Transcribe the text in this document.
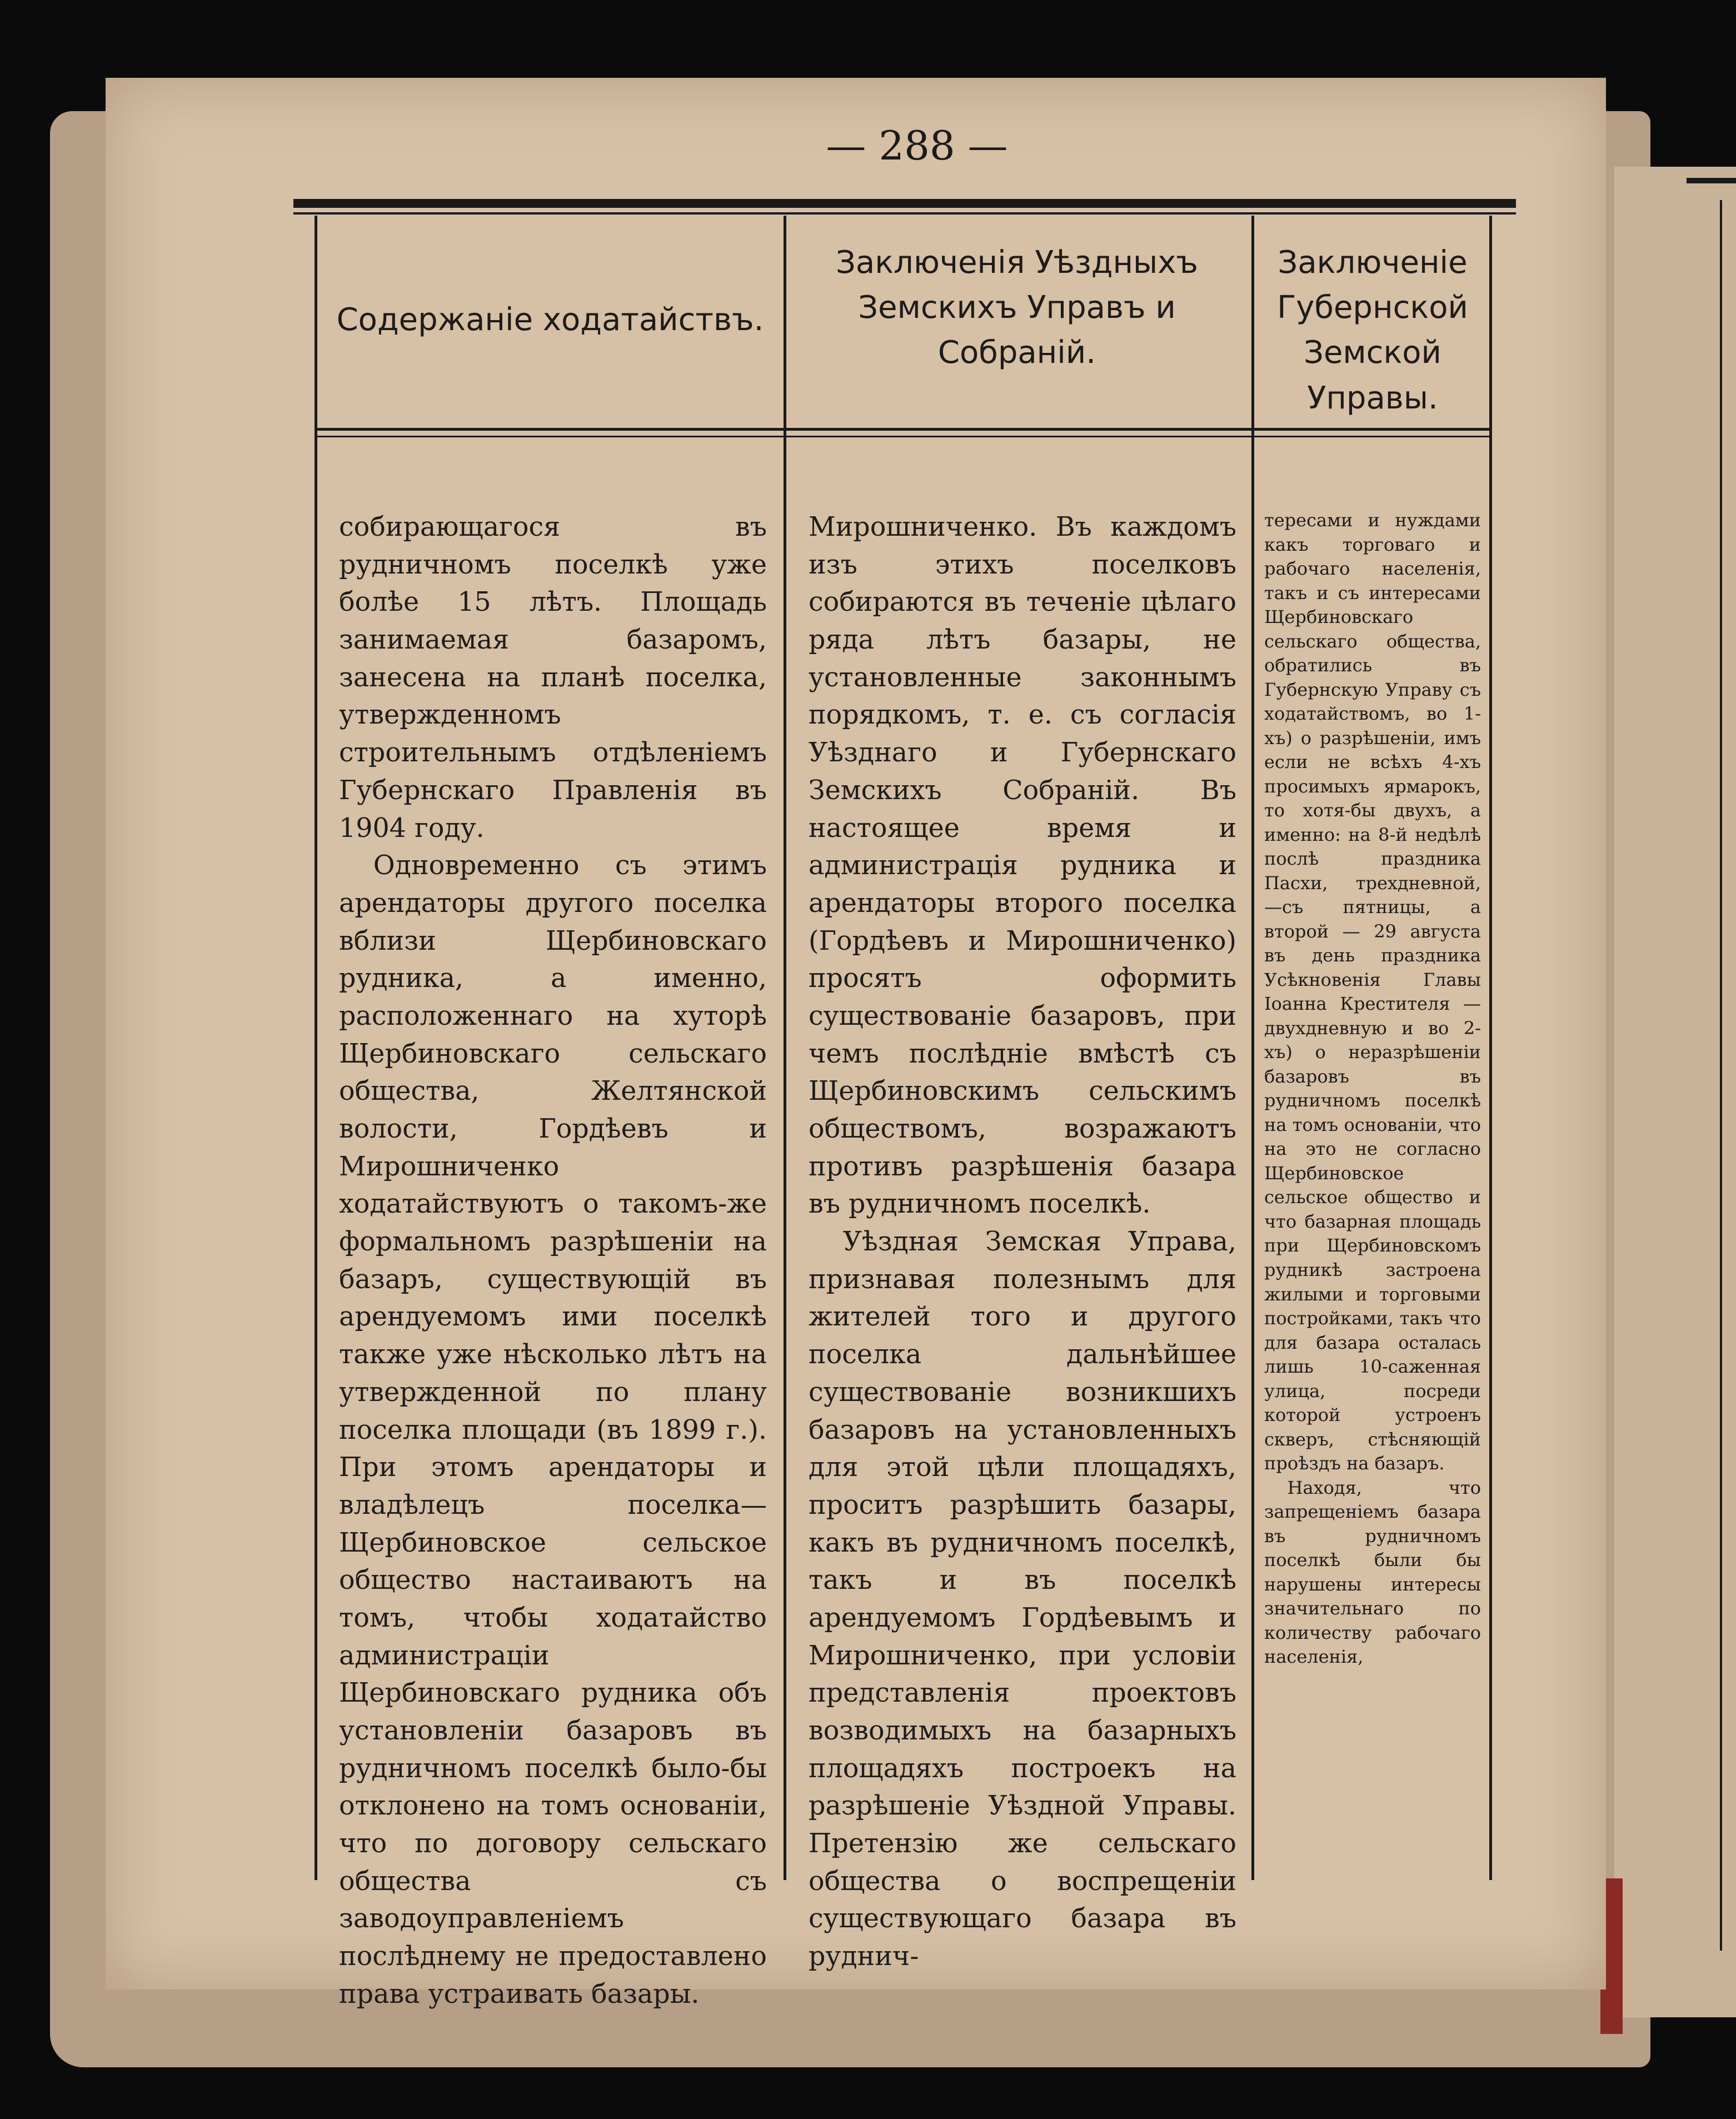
— 288 —
Содержаніе ходатайствъ.
Заключенія Уѣздныхъ Земскихъ Управъ и Собраній.
Заключеніе Губернской Земской Управы.

собирающагося въ рудничномъ поселкѣ уже болѣе 15 лѣтъ. Площадь занимаемая базаромъ, занесена на планѣ поселка, утвержденномъ строительнымъ отдѣленіемъ Губернскаго Правленія въ 1904 году.

Одновременно съ этимъ арендаторы другого поселка вблизи Щербиновскаго рудника, а именно, расположеннаго на хуторѣ Щербиновскаго сельскаго общества, Желтянской волости, Гордѣевъ и Мирошниченко ходатайствуютъ о такомъ-же формальномъ разрѣшеніи на базаръ, существующій въ арендуемомъ ими поселкѣ также уже нѣсколько лѣтъ на утвержденной по плану поселка площади (въ 1899 г.). При этомъ арендаторы и владѣлецъ поселка—Щербиновское сельское общество настаиваютъ на томъ, чтобы ходатайство администраціи Щербиновскаго рудника объ установленіи базаровъ въ рудничномъ поселкѣ было-бы отклонено на томъ основаніи, что по договору сельскаго общества съ заводоуправленіемъ послѣднему не предоставлено права устраивать базары.

Мирошниченко. Въ каждомъ изъ этихъ поселковъ собираются въ теченіе цѣлаго ряда лѣтъ базары, не установленные законнымъ порядкомъ, т. е. съ согласія Уѣзднаго и Губернскаго Земскихъ Собраній. Въ настоящее время и администрація рудника и арендаторы второго поселка (Гордѣевъ и Мирошниченко) просятъ оформить существованіе базаровъ, при чемъ послѣдніе вмѣстѣ съ Щербиновскимъ сельскимъ обществомъ, возражаютъ противъ разрѣшенія базара въ рудничномъ поселкѣ.

Уѣздная Земская Управа, признавая полезнымъ для жителей того и другого поселка дальнѣйшее существованіе возникшихъ базаровъ на установленныхъ для этой цѣли площадяхъ, проситъ разрѣшить базары, какъ въ рудничномъ поселкѣ, такъ и въ поселкѣ арендуемомъ Гордѣевымъ и Мирошниченко, при условіи представленія проектовъ возводимыхъ на базарныхъ площадяхъ построекъ на разрѣшеніе Уѣздной Управы. Претензію же сельскаго общества о воспрещеніи существующаго базара въ руднич-

тересами и нуждами какъ торговаго и рабочаго населенія, такъ и съ интересами Щербиновскаго сельскаго общества, обратились въ Губернскую Управу съ ходатайствомъ, во 1-хъ) о разрѣшеніи, имъ если не всѣхъ 4-хъ просимыхъ ярмарокъ, то хотя-бы двухъ, а именно: на 8-й недѣлѣ послѣ праздника Пасхи, трехдневной, —съ пятницы, а второй — 29 августа въ день праздника Усѣкновенія Главы Іоанна Крестителя — двухдневную и во 2-хъ) о неразрѣшеніи базаровъ въ рудничномъ поселкѣ на томъ основаніи, что на это не согласно Щербиновское сельское общество и что базарная площадь при Щербиновскомъ рудникѣ застроена жилыми и торговыми постройками, такъ что для базара осталась лишь 10-саженная улица, посреди которой устроенъ скверъ, стѣсняющій проѣздъ на базаръ.

Находя, что запрещеніемъ базара въ рудничномъ поселкѣ были бы нарушены интересы значительнаго по количеству рабочаго населенія,
